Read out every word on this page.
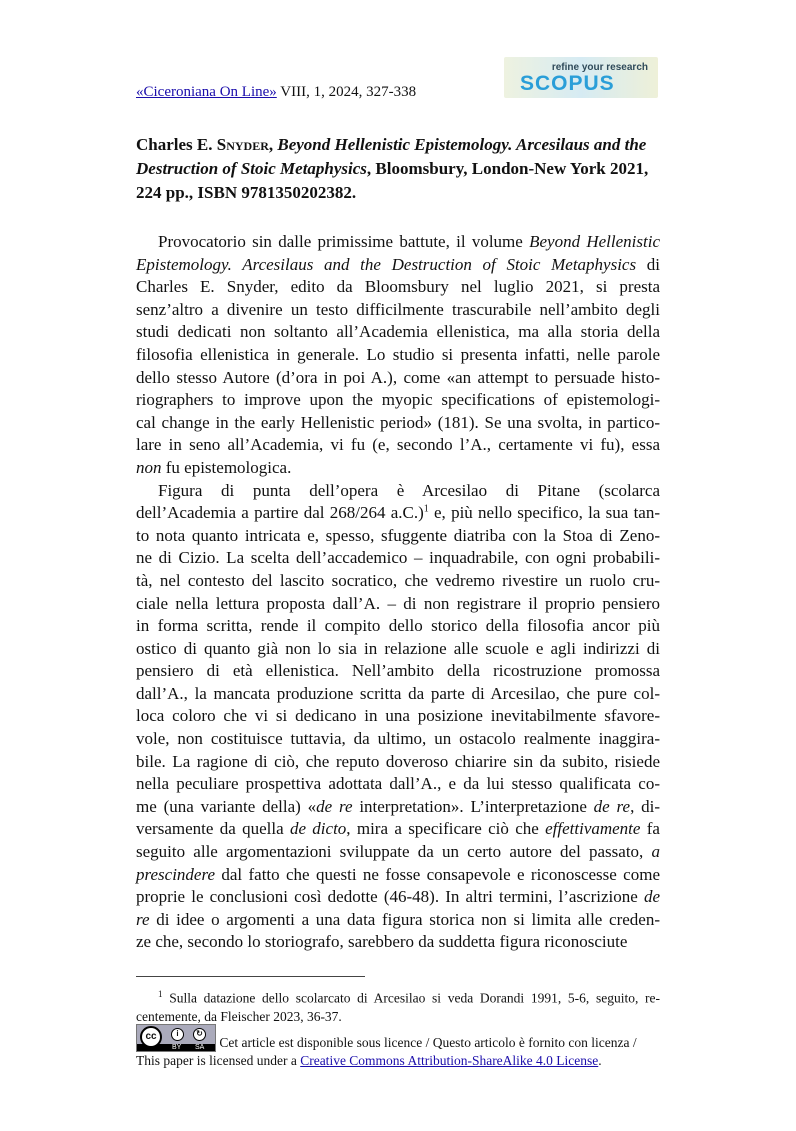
«Ciceroniana On Line» VIII, 1, 2024, 327-338
refine your research
SCOPUS
Charles E. Snyder, Beyond Hellenistic Epistemology. Arcesilaus and the Destruction of Stoic Metaphysics, Bloomsbury, London-New York 2021, 224 pp., ISBN 9781350202382.
Provocatorio sin dalle primissime battute, il volume Beyond Hellenistic
Epistemology. Arcesilaus and the Destruction of Stoic Metaphysics di
Charles E. Snyder, edito da Bloomsbury nel luglio 2021, si presta
senz’altro a divenire un testo difficilmente trascurabile nell’ambito degli
studi dedicati non soltanto all’Academia ellenistica, ma alla storia della
filosofia ellenistica in generale. Lo studio si presenta infatti, nelle parole
dello stesso Autore (d’ora in poi A.), come «an attempt to persuade histo-
riographers to improve upon the myopic specifications of epistemologi-
cal change in the early Hellenistic period» (181). Se una svolta, in partico-
lare in seno all’Academia, vi fu (e, secondo l’A., certamente vi fu), essa
non fu epistemologica.
Figura di punta dell’opera è Arcesilao di Pitane (scolarca
dell’Academia a partire dal 268/264 a.C.)$^1$ e, più nello specifico, la sua tan-
to nota quanto intricata e, spesso, sfuggente diatriba con la Stoa di Zeno-
ne di Cizio. La scelta dell’accademico – inquadrabile, con ogni probabili-
tà, nel contesto del lascito socratico, che vedremo rivestire un ruolo cru-
ciale nella lettura proposta dall’A. – di non registrare il proprio pensiero
in forma scritta, rende il compito dello storico della filosofia ancor più
ostico di quanto già non lo sia in relazione alle scuole e agli indirizzi di
pensiero di età ellenistica. Nell’ambito della ricostruzione promossa
dall’A., la mancata produzione scritta da parte di Arcesilao, che pure col-
loca coloro che vi si dedicano in una posizione inevitabilmente sfavore-
vole, non costituisce tuttavia, da ultimo, un ostacolo realmente inaggira-
bile. La ragione di ciò, che reputo doveroso chiarire sin da subito, risiede
nella peculiare prospettiva adottata dall’A., e da lui stesso qualificata co-
me (una variante della) «de re interpretation». L’interpretazione de re, di-
versamente da quella de dicto, mira a specificare ciò che effettivamente fa
seguito alle argomentazioni sviluppate da un certo autore del passato, a
prescindere dal fatto che questi ne fosse consapevole e riconoscesse come
proprie le conclusioni così dedotte (46-48). In altri termini, l’ascrizione de
re di idee o argomenti a una data figura storica non si limita alle creden-
ze che, secondo lo storiografo, sarebbero da suddetta figura riconosciute
$^1$ Sulla datazione dello scolarcato di Arcesilao si veda Dorandi 1991, 5-6, seguito, re-
centemente, da Fleischer 2023, 36-37.
cc	i	↻
BY SA Cet article est disponible sous licence / Questo articolo è fornito con licenza / This paper is licensed under a Creative Commons Attribution-ShareAlike 4.0 License.
